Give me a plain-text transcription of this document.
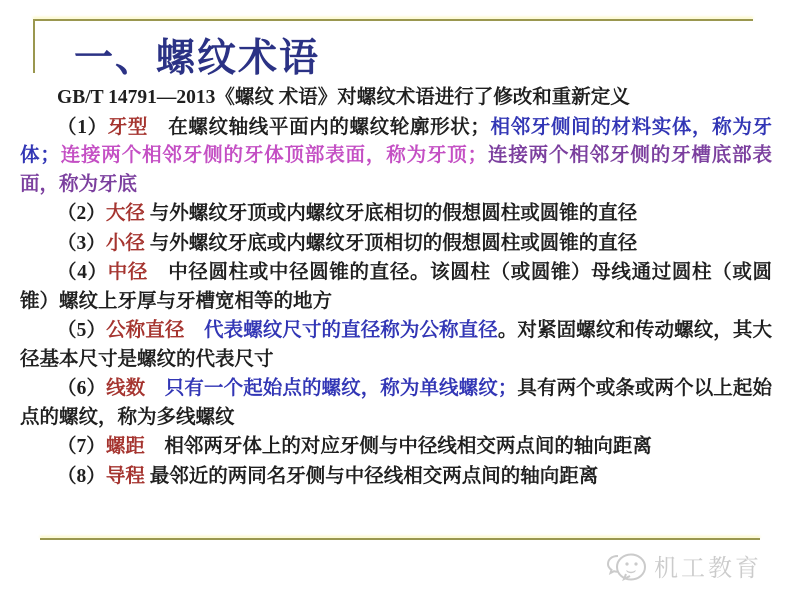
一、螺纹术语

GB/T 14791—2013《螺纹 术语》对螺纹术语进行了修改和重新定义

（1）牙型　在螺纹轴线平面内的螺纹轮廓形状；相邻牙侧间的材料实体，称为牙体；连接两个相邻牙侧的牙体顶部表面，称为牙顶；连接两个相邻牙侧的牙槽底部表面，称为牙底

（2）大径 与外螺纹牙顶或内螺纹牙底相切的假想圆柱或圆锥的直径

（3）小径 与外螺纹牙底或内螺纹牙顶相切的假想圆柱或圆锥的直径

（4）中径　中径圆柱或中径圆锥的直径。该圆柱（或圆锥）母线通过圆柱（或圆锥）螺纹上牙厚与牙槽宽相等的地方

（5）公称直径　 代表螺纹尺寸的直径称为公称直径。对紧固螺纹和传动螺纹，其大径基本尺寸是螺纹的代表尺寸

（6）线数　 只有一个起始点的螺纹，称为单线螺纹；具有两个或条或两个以上起始点的螺纹，称为多线螺纹

（7）螺距　相邻两牙体上的对应牙侧与中径线相交两点间的轴向距离

（8）导程 最邻近的两同名牙侧与中径线相交两点间的轴向距离

机工教育
